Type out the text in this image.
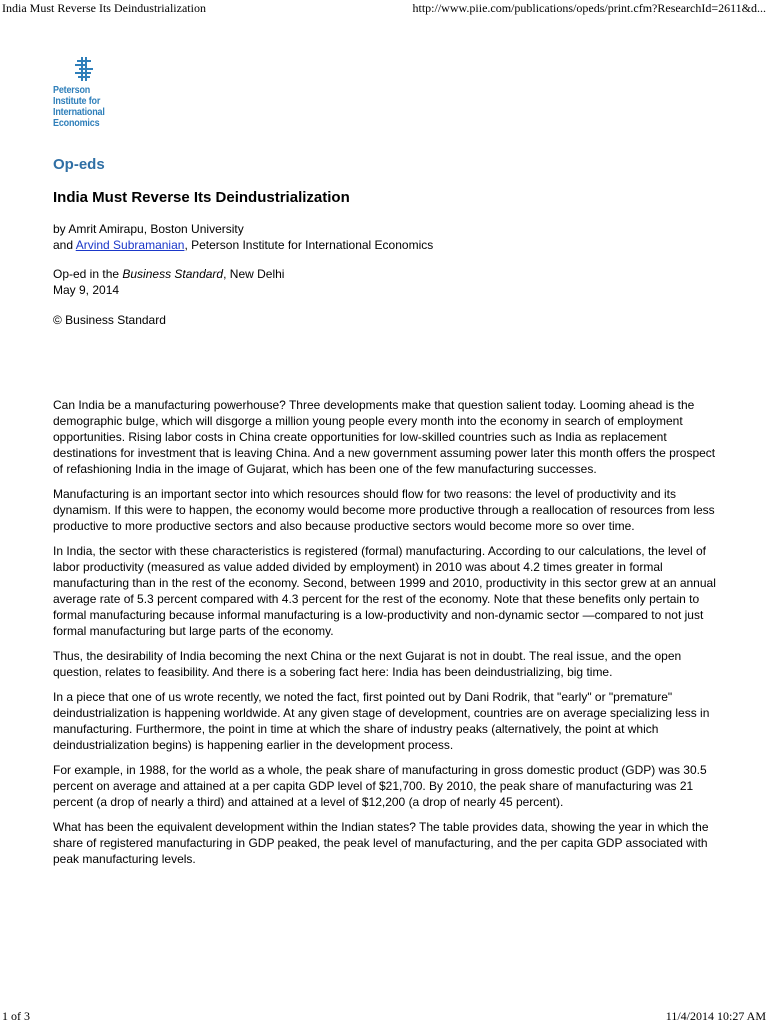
India Must Reverse Its Deindustrialization	http://www.piie.com/publications/opeds/print.cfm?ResearchId=2611&d...
Peterson
Institute for
International
Economics
Op-eds
India Must Reverse Its Deindustrialization
by Amrit Amirapu, Boston University
and Arvind Subramanian, Peterson Institute for International Economics
Op-ed in the Business Standard, New Delhi
May 9, 2014
© Business Standard

Can India be a manufacturing powerhouse? Three developments make that question salient today. Looming ahead is the demographic bulge, which will disgorge a million young people every month into the economy in search of employment opportunities. Rising labor costs in China create opportunities for low-skilled countries such as India as replacement destinations for investment that is leaving China. And a new government assuming power later this month offers the prospect of refashioning India in the image of Gujarat, which has been one of the few manufacturing successes.

Manufacturing is an important sector into which resources should flow for two reasons: the level of productivity and its dynamism. If this were to happen, the economy would become more productive through a reallocation of resources from less productive to more productive sectors and also because productive sectors would become more so over time.

In India, the sector with these characteristics is registered (formal) manufacturing. According to our calculations, the level of labor productivity (measured as value added divided by employment) in 2010 was about 4.2 times greater in formal manufacturing than in the rest of the economy. Second, between 1999 and 2010, productivity in this sector grew at an annual average rate of 5.3 percent compared with 4.3 percent for the rest of the economy. Note that these benefits only pertain to formal manufacturing because informal manufacturing is a low-productivity and non-dynamic sector —compared to not just formal manufacturing but large parts of the economy.

Thus, the desirability of India becoming the next China or the next Gujarat is not in doubt. The real issue, and the open question, relates to feasibility. And there is a sobering fact here: India has been deindustrializing, big time.

In a piece that one of us wrote recently, we noted the fact, first pointed out by Dani Rodrik, that "early" or "premature" deindustrialization is happening worldwide. At any given stage of development, countries are on average specializing less in manufacturing. Furthermore, the point in time at which the share of industry peaks (alternatively, the point at which deindustrialization begins) is happening earlier in the development process.

For example, in 1988, for the world as a whole, the peak share of manufacturing in gross domestic product (GDP) was 30.5 percent on average and attained at a per capita GDP level of $21,700. By 2010, the peak share of manufacturing was 21 percent (a drop of nearly a third) and attained at a level of $12,200 (a drop of nearly 45 percent).

What has been the equivalent development within the Indian states? The table provides data, showing the year in which the share of registered manufacturing in GDP peaked, the peak level of manufacturing, and the per capita GDP associated with peak manufacturing levels.

1 of 3	11/4/2014 10:27 AM
